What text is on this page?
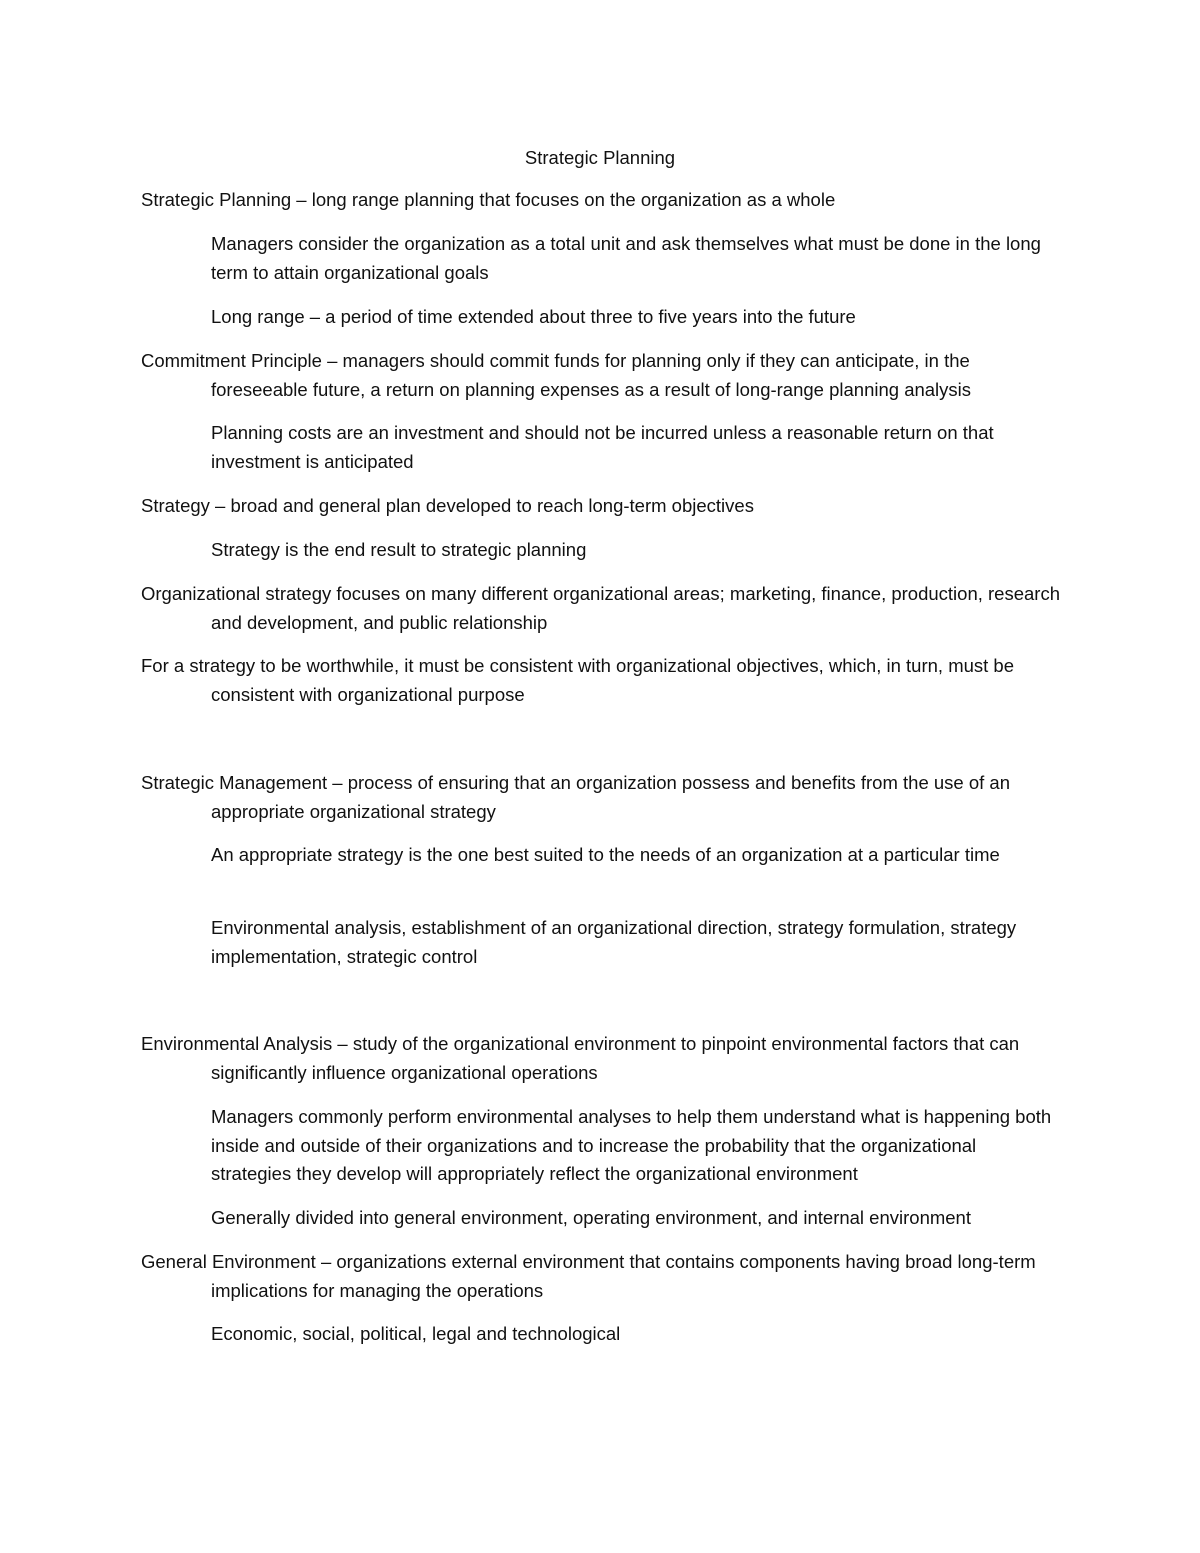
Strategic Planning

Strategic Planning – long range planning that focuses on the organization as a whole

Managers consider the organization as a total unit and ask themselves what must be done in the long term to attain organizational goals

Long range – a period of time extended about three to five years into the future

Commitment Principle – managers should commit funds for planning only if they can anticipate, in the foreseeable future, a return on planning expenses as a result of long-range planning analysis

Planning costs are an investment and should not be incurred unless a reasonable return on that investment is anticipated

Strategy – broad and general plan developed to reach long-term objectives

Strategy is the end result to strategic planning

Organizational strategy focuses on many different organizational areas; marketing, finance, production, research and development, and public relationship

For a strategy to be worthwhile, it must be consistent with organizational objectives, which, in turn, must be consistent with organizational purpose

Strategic Management – process of ensuring that an organization possess and benefits from the use of an appropriate organizational strategy

An appropriate strategy is the one best suited to the needs of an organization at a particular time

Environmental analysis, establishment of an organizational direction, strategy formulation, strategy implementation, strategic control

Environmental Analysis – study of the organizational environment to pinpoint environmental factors that can significantly influence organizational operations

Managers commonly perform environmental analyses to help them understand what is happening both inside and outside of their organizations and to increase the probability that the organizational strategies they develop will appropriately reflect the organizational environment

Generally divided into general environment, operating environment, and internal environment

General Environment – organizations external environment that contains components having broad long-term implications for managing the operations

Economic, social, political, legal and technological
